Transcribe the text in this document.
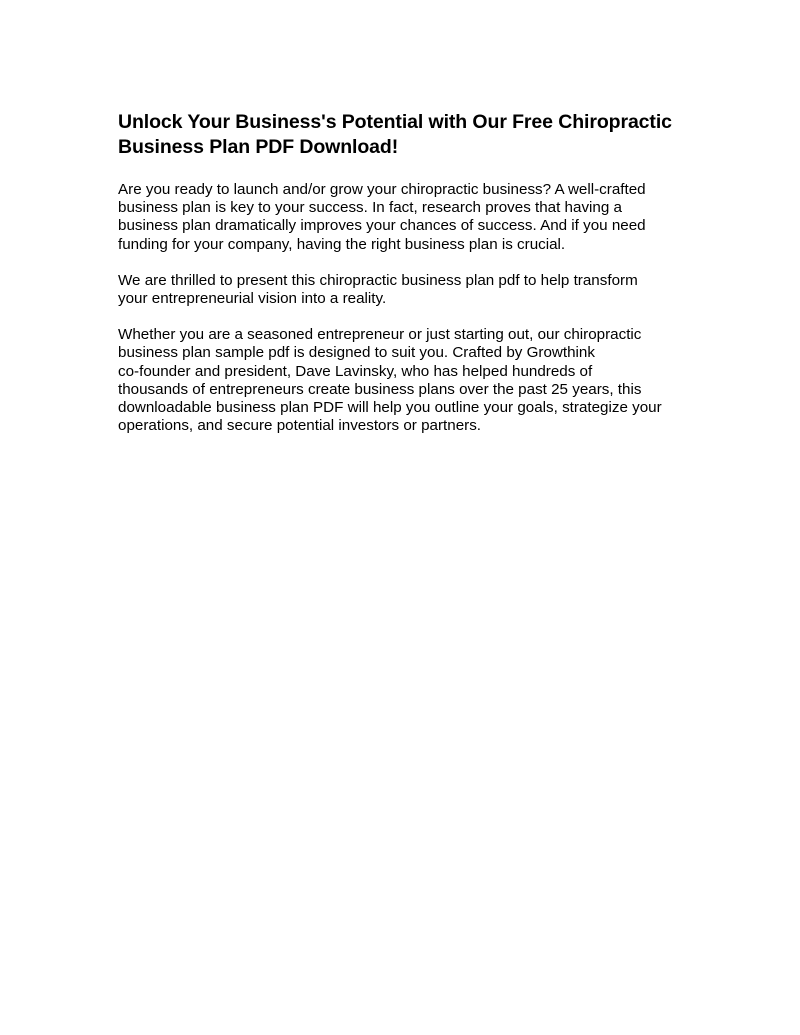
Unlock Your Business's Potential with Our Free Chiropractic
Business Plan PDF Download!

Are you ready to launch and/or grow your chiropractic business? A well-crafted
business plan is key to your success. In fact, research proves that having a
business plan dramatically improves your chances of success. And if you need
funding for your company, having the right business plan is crucial.

We are thrilled to present this chiropractic business plan pdf to help transform
your entrepreneurial vision into a reality.

Whether you are a seasoned entrepreneur or just starting out, our chiropractic
business plan sample pdf is designed to suit you. Crafted by Growthink
co-founder and president, Dave Lavinsky, who has helped hundreds of
thousands of entrepreneurs create business plans over the past 25 years, this
downloadable business plan PDF will help you outline your goals, strategize your
operations, and secure potential investors or partners.
